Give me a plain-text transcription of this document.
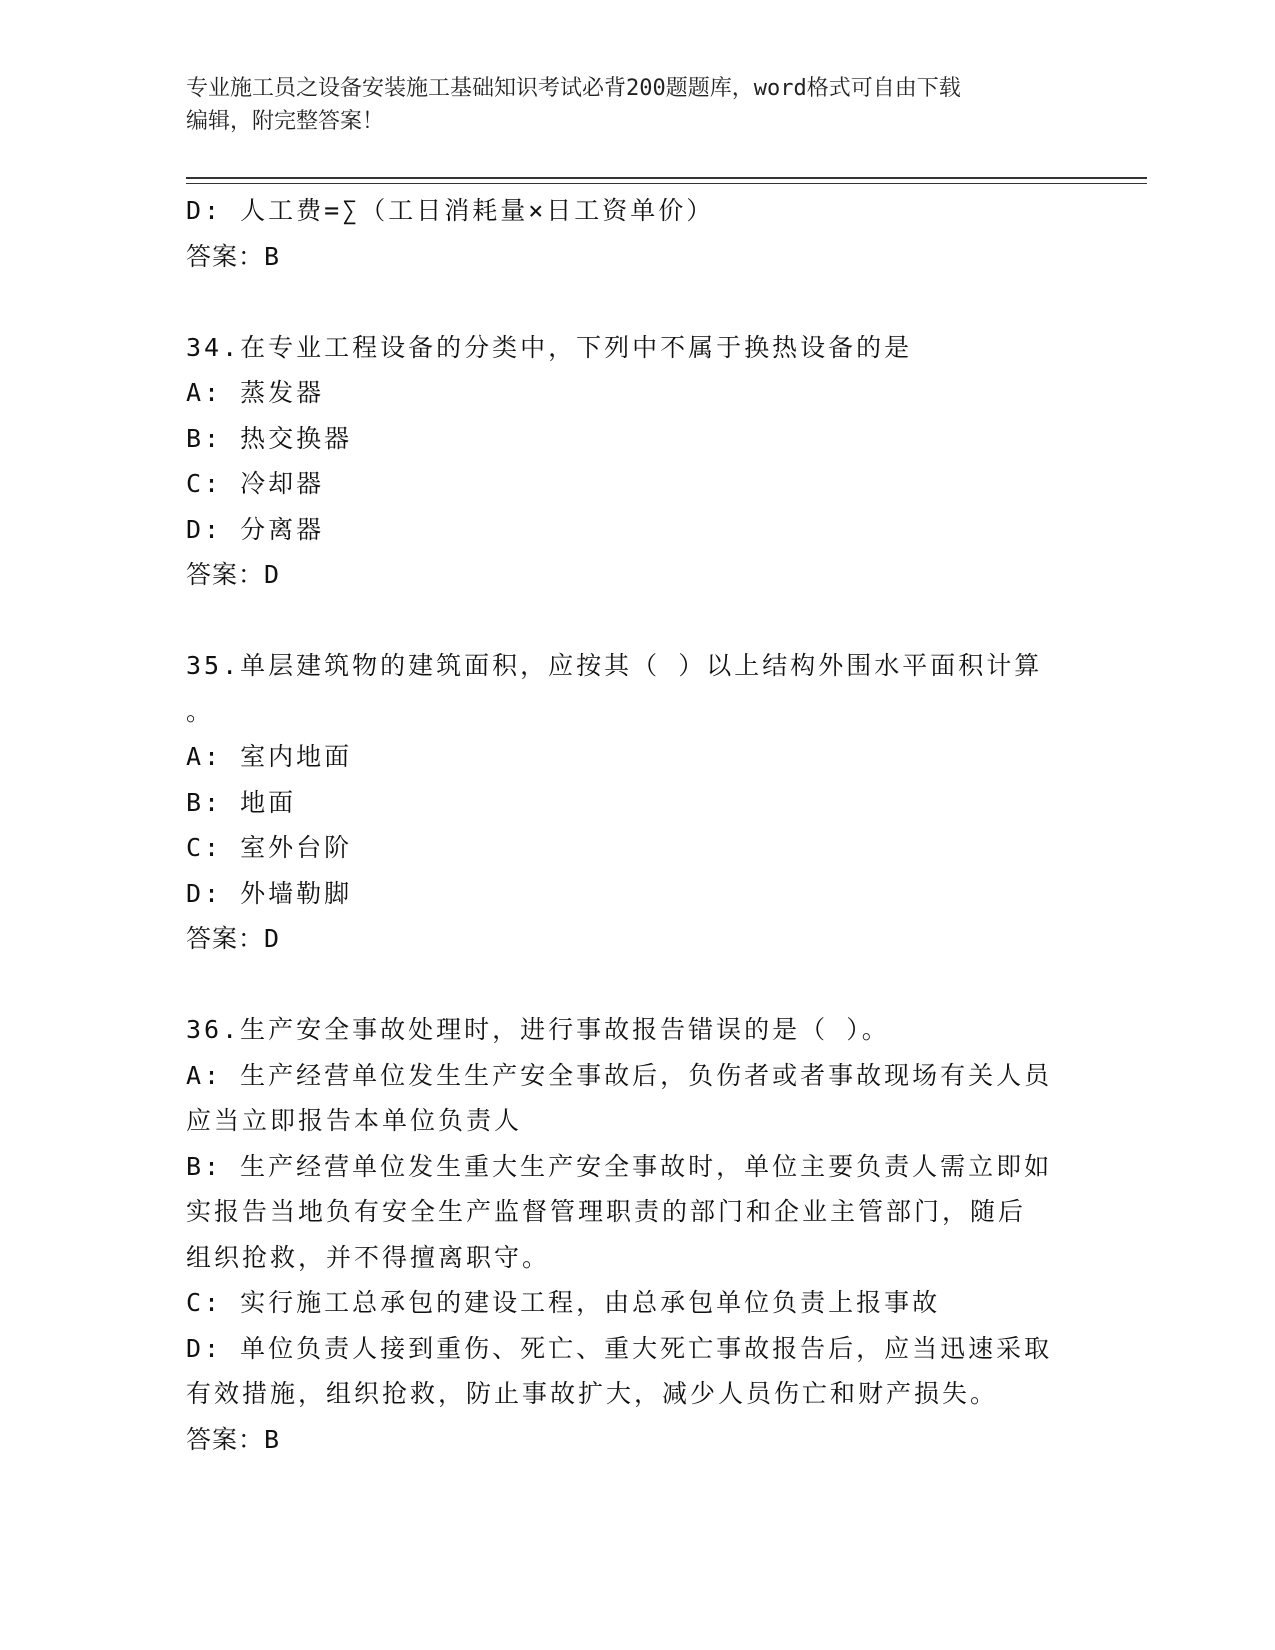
专业施工员之设备安装施工基础知识考试必背200题题库，word格式可自由下载
编辑，附完整答案！
D: 人工费=∑（工日消耗量×日工资单价）
答案：B
34.在专业工程设备的分类中，下列中不属于换热设备的是
A: 蒸发器
B: 热交换器
C: 冷却器
D: 分离器
答案：D
35.单层建筑物的建筑面积，应按其（ ）以上结构外围水平面积计算
。
A: 室内地面
B: 地面
C: 室外台阶
D: 外墙勒脚
答案：D
36.生产安全事故处理时，进行事故报告错误的是（ ）。
A: 生产经营单位发生生产安全事故后，负伤者或者事故现场有关人员
应当立即报告本单位负责人
B: 生产经营单位发生重大生产安全事故时，单位主要负责人需立即如
实报告当地负有安全生产监督管理职责的部门和企业主管部门，随后
组织抢救，并不得擅离职守。
C: 实行施工总承包的建设工程，由总承包单位负责上报事故
D: 单位负责人接到重伤、死亡、重大死亡事故报告后，应当迅速采取
有效措施，组织抢救，防止事故扩大，减少人员伤亡和财产损失。
答案：B
